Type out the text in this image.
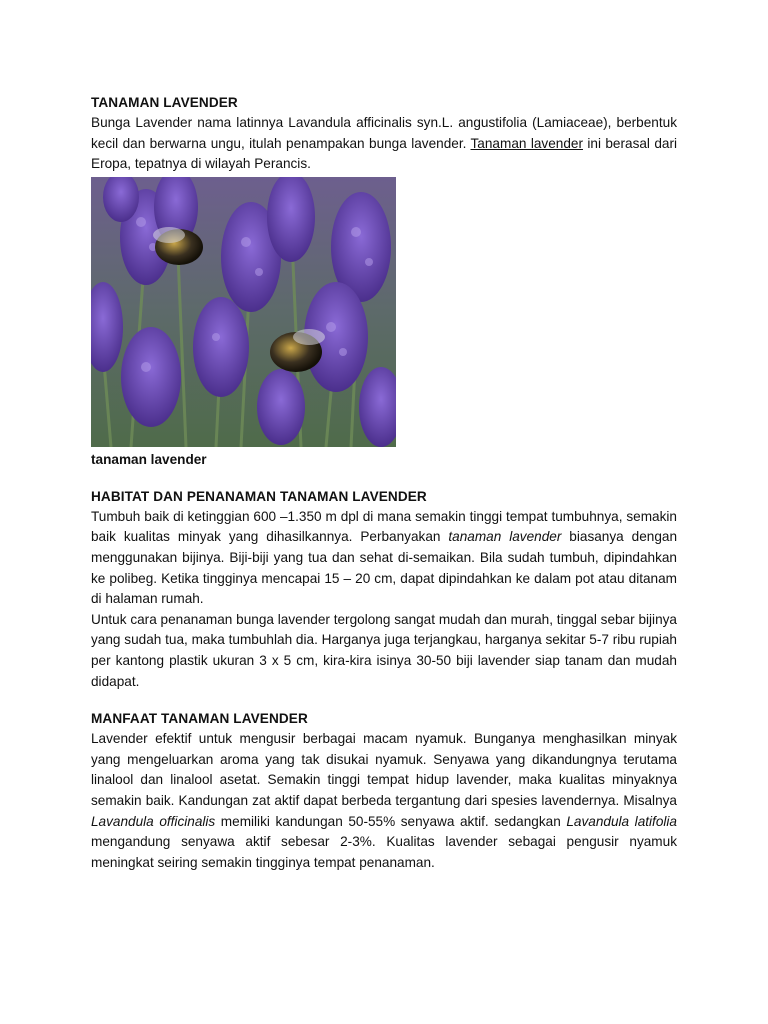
TANAMAN LAVENDER

Bunga Lavender nama latinnya Lavandula afficinalis syn.L. angustifolia (Lamiaceae), berbentuk kecil dan berwarna ungu, itulah penampakan bunga lavender. Tanaman lavender ini berasal dari Eropa, tepatnya di wilayah Perancis.

tanaman lavender
HABITAT DAN PENANAMAN TANAMAN LAVENDER

Tumbuh baik di ketinggian 600 –1.350 m dpl di mana semakin tinggi tempat tumbuhnya, semakin baik kualitas minyak yang dihasilkannya. Perbanyakan tanaman lavender biasanya dengan menggunakan bijinya. Biji-biji yang tua dan sehat di-semaikan. Bila sudah tumbuh, dipindahkan ke polibeg. Ketika tingginya mencapai 15 – 20 cm, dapat dipindahkan ke dalam pot atau ditanam di halaman rumah.

Untuk cara penanaman bunga lavender tergolong sangat mudah dan murah, tinggal sebar bijinya yang sudah tua, maka tumbuhlah dia. Harganya juga terjangkau, harganya sekitar 5-7 ribu rupiah per kantong plastik ukuran 3 x 5 cm, kira-kira isinya 30-50 biji lavender siap tanam dan mudah didapat.

MANFAAT TANAMAN LAVENDER

Lavender efektif untuk mengusir berbagai macam nyamuk. Bunganya menghasilkan minyak yang mengeluarkan aroma yang tak disukai nyamuk. Senyawa yang dikandungnya terutama linalool dan linalool asetat. Semakin tinggi tempat hidup lavender, maka kualitas minyaknya semakin baik. Kandungan zat aktif dapat berbeda tergantung dari spesies lavendernya. Misalnya Lavandula officinalis memiliki kandungan 50-55% senyawa aktif. sedangkan Lavandula latifolia mengandung senyawa aktif sebesar 2-3%. Kualitas lavender sebagai pengusir nyamuk meningkat seiring semakin tingginya tempat penanaman.
